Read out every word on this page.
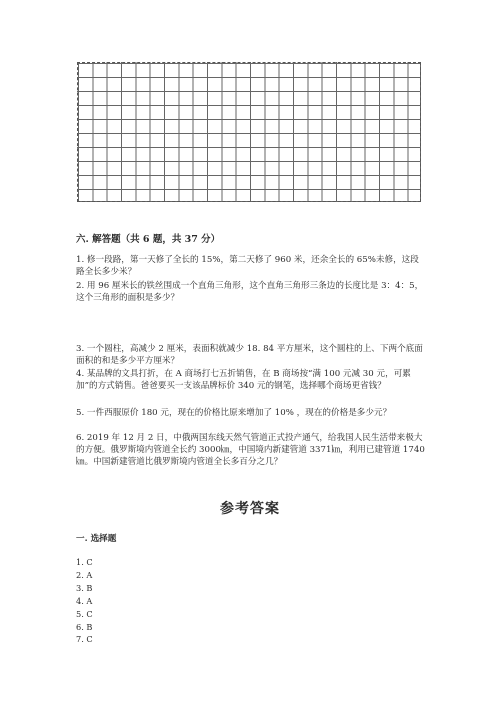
六. 解答题（共 6 题，共 37 分）
1. 修一段路，第一天修了全长的 15%，第二天修了 960 米，还余全长的 65%未修，这段路全长多少米？
2. 用 96 厘米长的铁丝围成一个直角三角形，这个直角三角形三条边的长度比是 3：4：5，这个三角形的面积是多少？
3. 一个圆柱，高减少 2 厘米，表面积就减少 18. 84 平方厘米，这个圆柱的上、下两个底面面积的和是多少平方厘米？
4. 某品牌的文具打折，在 A 商场打七五折销售，在 B 商场按“满 100 元减 30 元，可累加”的方式销售。爸爸要买一支该品牌标价 340 元的钢笔，选择哪个商场更省钱？
5. 一件西服原价 180 元，现在的价格比原来增加了 10% ，现在的价格是多少元？
6. 2019 年 12 月 2 日，中俄两国东线天然气管道正式投产通气，给我国人民生活带来极大的方便。俄罗斯境内管道全长约 3000㎞，中国境内新建管道 3371㎞，利用已建管道 1740㎞。中国新建管道比俄罗斯境内管道全长多百分之几？
参考答案
一. 选择题
1. C
2. A
3. B
4. A
5. C
6. B
7. C
